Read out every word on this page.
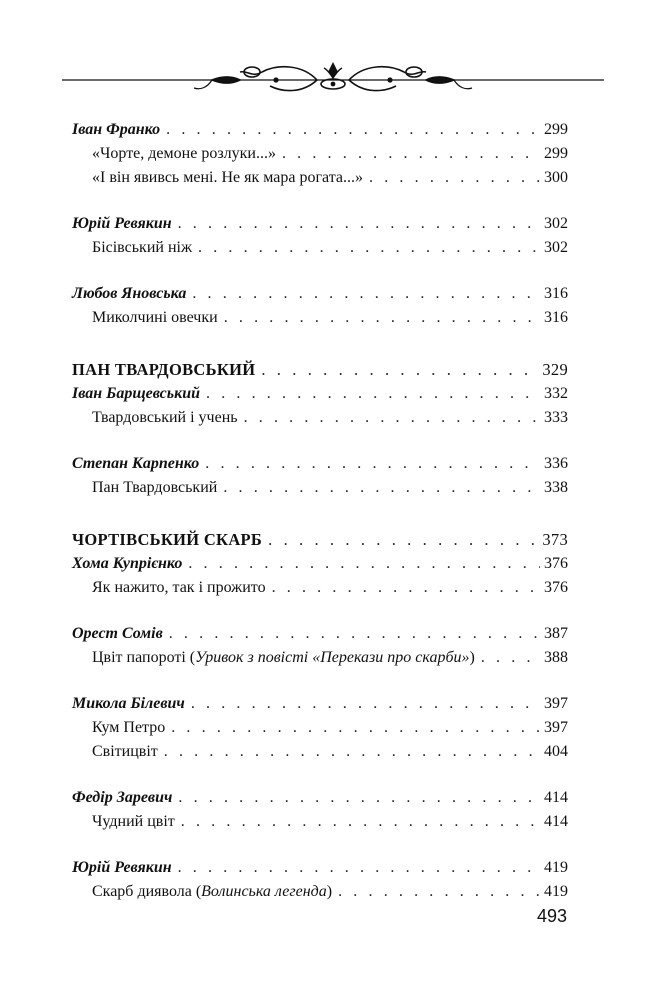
Іван Франко . . .	299
«Чорте, демоне розлуки...» . . .	299
«І він явивсь мені. Не як мара рогата...» . . .	300
Юрій Ревякин . . .	302
Бісівський ніж . . .	302
Любов Яновська . . .	316
Миколчині овечки . . .	316
ПАН ТВАРДОВСЬКИЙ . . .	329
Іван Барщевський . . .	332
Твардовський і учень . . .	333
Степан Карпенко . . .	336
Пан Твардовський . . .	338
ЧОРТІВСЬКИЙ СКАРБ . . .	373
Хома Купрієнко . . .	376
Як нажито, так і прожито . . .	376
Орест Сомів . . .	387
Цвіт папороті (Уривок з повісті «Перекази про скарби») . . .	388
Микола Білевич . . .	397
Кум Петро . . .	397
Світицвіт . . .	404
Федір Заревич . . .	414
Чудний цвіт . . .	414
Юрій Ревякин . . .	419
Скарб диявола (Волинська легенда) . . .	419
493
